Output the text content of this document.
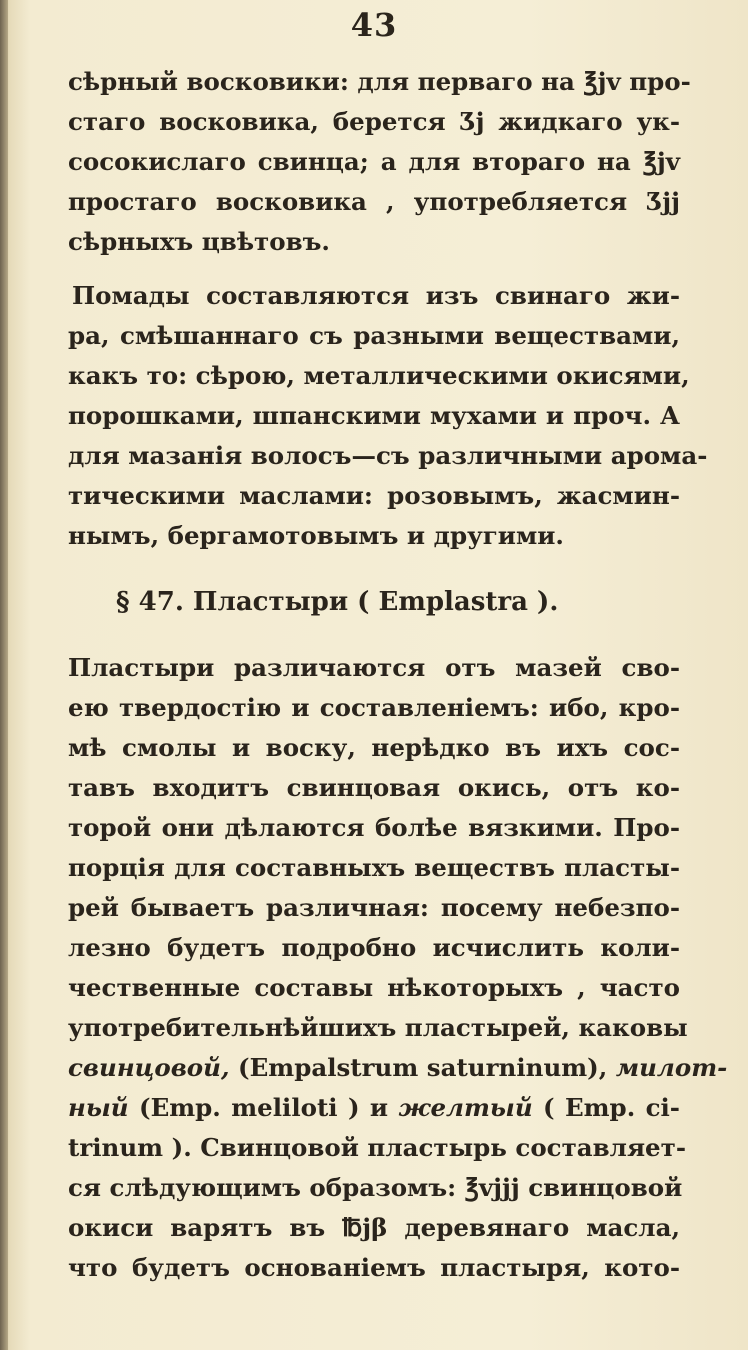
43
сѣрный восковики: для перваго на ℥jv про-
стаго восковика, берется Ʒj жидкаго ук-
сосокислаго свинца; а для втораго на ℥jv
простаго восковика , употребляется Ʒjj
сѣрныхъ цвѣтовъ.
Помады составляются изъ свинаго жи-
ра, смѣшаннаго съ разными веществами,
какъ то: сѣрою, металлическими окисями,
порошками, шпанскими мухами и проч. А
для мазанія волосъ—съ различными арома-
тическими маслами: розовымъ, жасмин-
нымъ, бергамотовымъ и другими.
§ 47. Пластыри ( Emplastra ).
Пластыри различаются отъ мазей сво-
ею твердостію и составленіемъ: ибо, кро-
мѣ смолы и воску, нерѣдко въ ихъ сос-
тавъ входитъ свинцовая окись, отъ ко-
торой они дѣлаются болѣе вязкими. Про-
порція для составныхъ веществъ пласты-
рей бываетъ различная: посему небезпо-
лезно будетъ подробно исчислить коли-
чественные составы нѣкоторыхъ , часто
употребительнѣйшихъ пластырей, каковы
свинцовой, (Empalstrum saturninum), милот-
ный (Emp. meliloti ) и желтый ( Emp. ci-
trinum ). Свинцовой пластырь составляет-
ся слѣдующимъ образомъ: ℥vjjj свинцовой
окиси варятъ въ ℔jβ деревянаго масла,
что будетъ основаніемъ пластыря, кото-
